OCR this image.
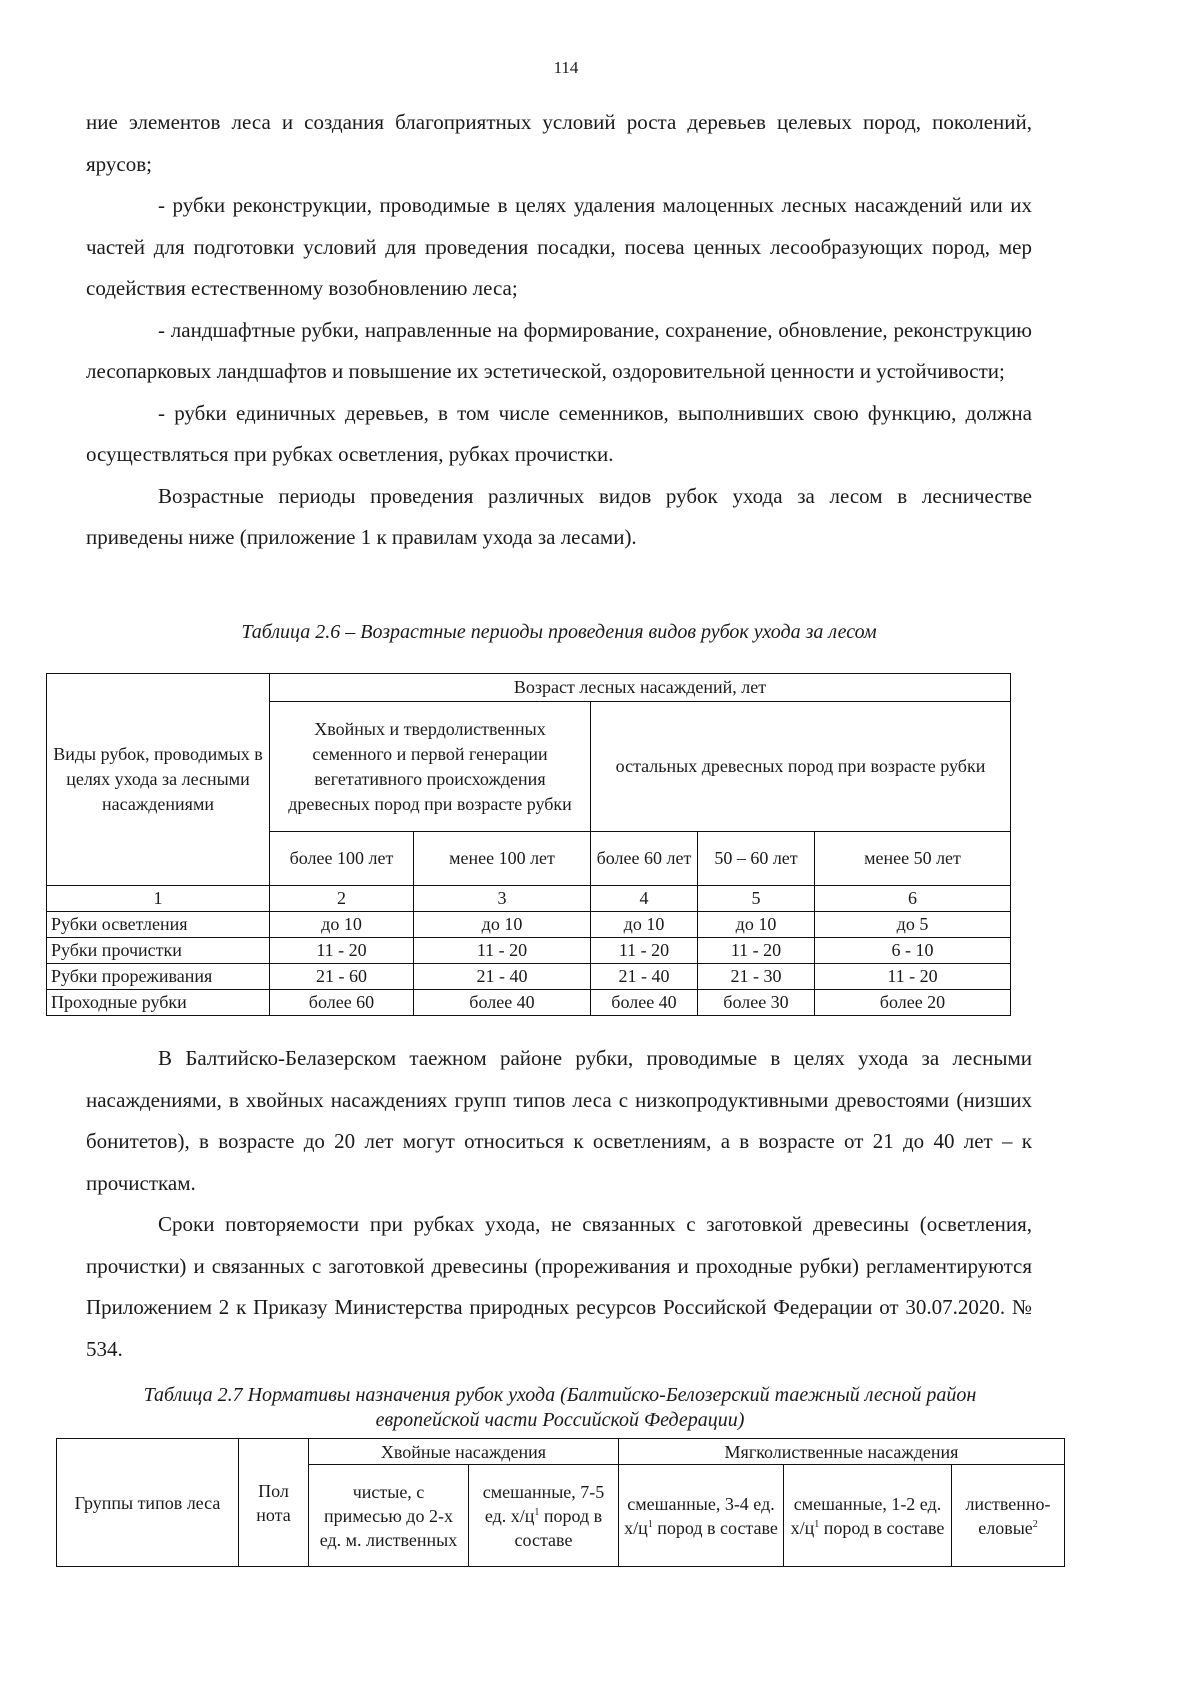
114

ние элементов леса и создания благоприятных условий роста деревьев целевых пород, поколений, ярусов;

- рубки реконструкции, проводимые в целях удаления малоценных лесных насаждений или их частей для подготовки условий для проведения посадки, посева ценных лесообразующих пород, мер содействия естественному возобновлению леса;

- ландшафтные рубки, направленные на формирование, сохранение, обновление, реконструкцию лесопарковых ландшафтов и повышение их эстетической, оздоровительной ценности и устойчивости;

- рубки единичных деревьев, в том числе семенников, выполнивших свою функцию, должна осуществляться при рубках осветления, рубках прочистки.

Возрастные периоды проведения различных видов рубок ухода за лесом в лесничестве приведены ниже (приложение 1 к правилам ухода за лесами).

Таблица 2.6 – Возрастные периоды проведения видов рубок ухода за лесом
Виды рубок, проводимых в целях ухода за лесными насаждениями	Возраст лесных насаждений, лет				
	Хвойных и твердолиственных семенного и первой генерации вегетативного происхождения древесных пород при возрасте рубки		остальных древесных пород при возрасте рубки		
	более 100 лет	менее 100 лет	более 60 лет	50 – 60 лет	менее 50 лет
1	2	3	4	5	6
Рубки осветления	до 10	до 10	до 10	до 10	до 5
Рубки прочистки	11 - 20	11 - 20	11 - 20	11 - 20	6 - 10
Рубки прореживания	21 - 60	21 - 40	21 - 40	21 - 30	11 - 20
Проходные рубки	более 60	более 40	более 40	более 30	более 20

В Балтийско-Белазерском таежном районе рубки, проводимые в целях ухода за лесными насаждениями, в хвойных насаждениях групп типов леса с низкопродуктивными древостоями (низших бонитетов), в возрасте до 20 лет могут относиться к осветлениям, а в возрасте от 21 до 40 лет – к прочисткам.

Сроки повторяемости при рубках ухода, не связанных с заготовкой древесины (осветления, прочистки) и связанных с заготовкой древесины (прореживания и проходные рубки) регламентируются Приложением 2 к Приказу Министерства природных ресурсов Российской Федерации от 30.07.2020. № 534.

Таблица 2.7 Нормативы назначения рубок ухода (Балтийско-Белозерский таежный лесной район европейской части Российской Федерации)
Группы типов леса	Пол нота	Хвойные насаждения		Мягколиственные насаждения		
		чистые, с примесью до 2-х ед. м. лиственных	смешанные, 7-5 ед. $х/ц^1$ пород в составе	смешанные, 3-4 ед. $х/ц^1$ пород в составе	смешанные, 1-2 ед. $х/ц^1$ пород в составе	лиственно-еловые$^2$
